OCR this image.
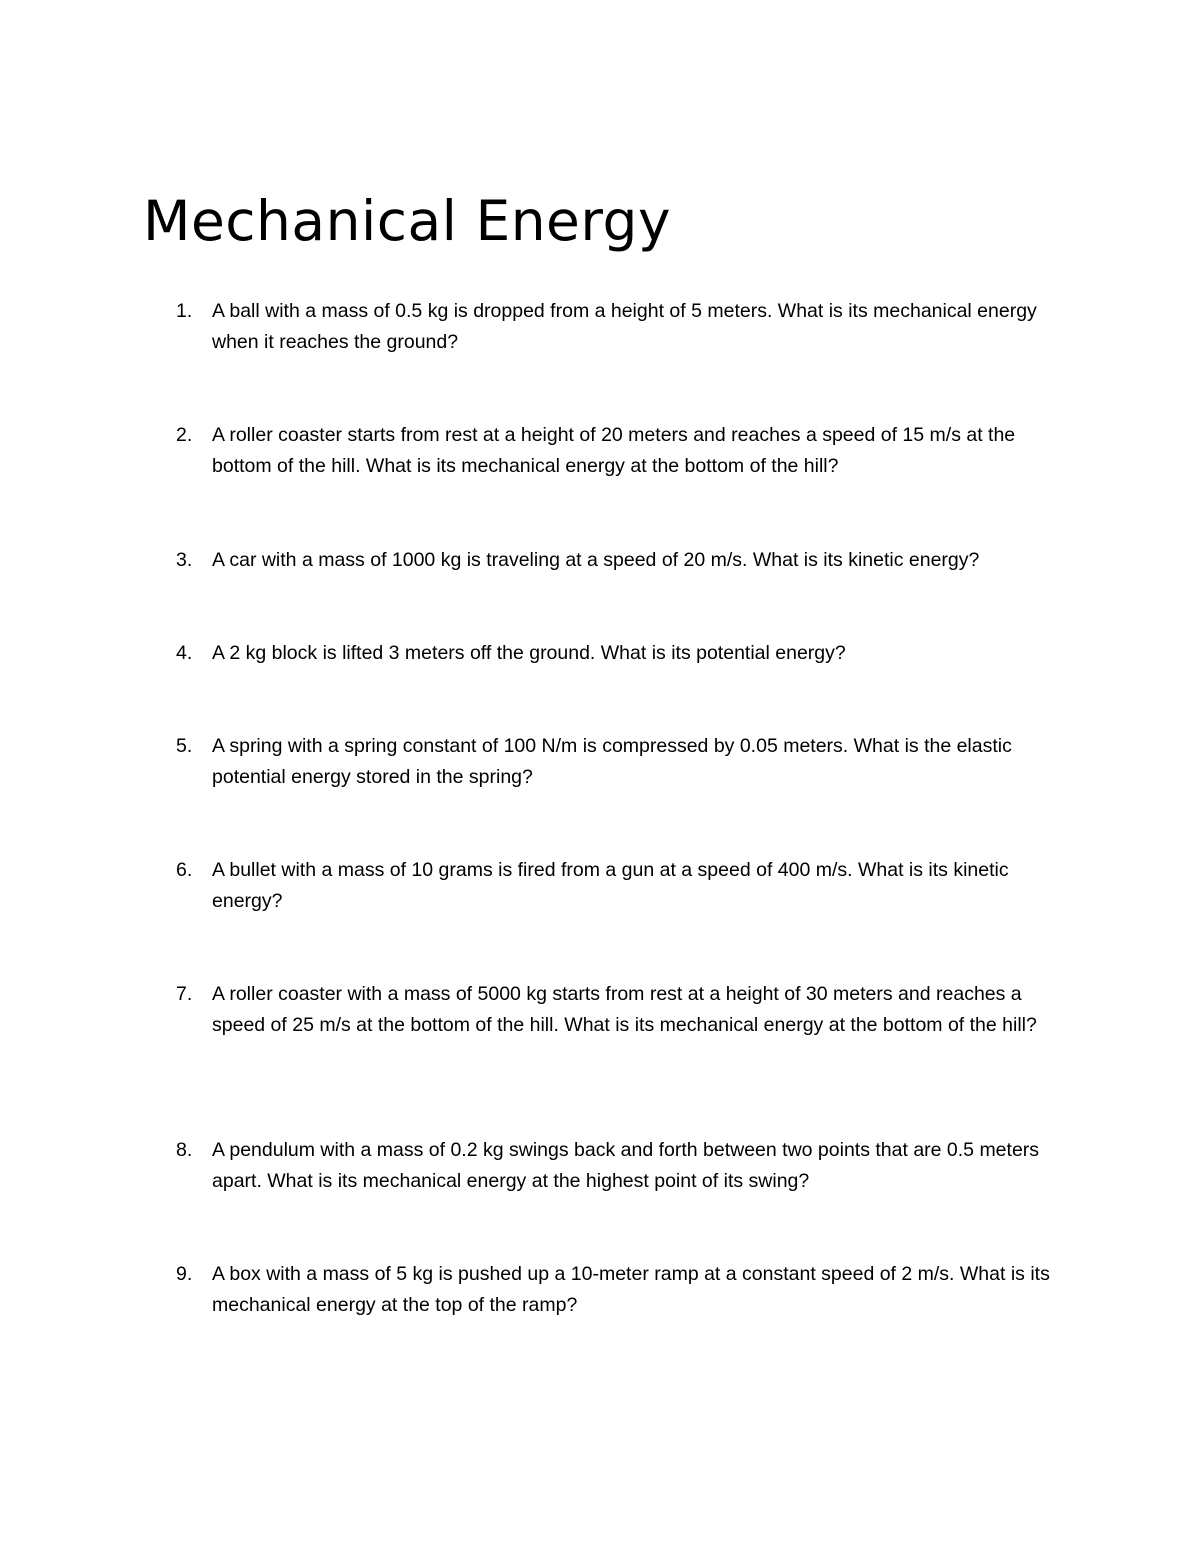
Mechanical Energy
1.	A ball with a mass of 0.5 kg is dropped from a height of 5 meters. What is its mechanical energy when it reaches the ground?
2.	A roller coaster starts from rest at a height of 20 meters and reaches a speed of 15 m/s at the bottom of the hill. What is its mechanical energy at the bottom of the hill?
3.	A car with a mass of 1000 kg is traveling at a speed of 20 m/s. What is its kinetic energy?
4.	A 2 kg block is lifted 3 meters off the ground. What is its potential energy?
5.	A spring with a spring constant of 100 N/m is compressed by 0.05 meters. What is the elastic potential energy stored in the spring?
6.	A bullet with a mass of 10 grams is fired from a gun at a speed of 400 m/s. What is its kinetic energy?
7.	A roller coaster with a mass of 5000 kg starts from rest at a height of 30 meters and reaches a speed of 25 m/s at the bottom of the hill. What is its mechanical energy at the bottom of the hill?
8.	A pendulum with a mass of 0.2 kg swings back and forth between two points that are 0.5 meters apart. What is its mechanical energy at the highest point of its swing?
9.	A box with a mass of 5 kg is pushed up a 10-meter ramp at a constant speed of 2 m/s. What is its mechanical energy at the top of the ramp?
